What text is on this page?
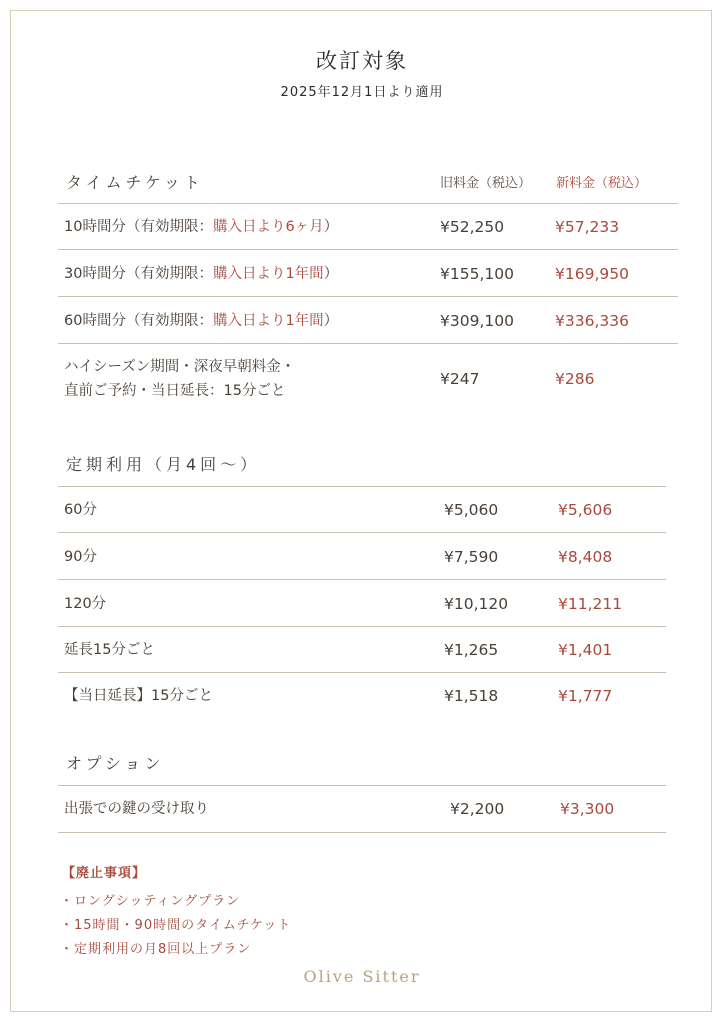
改訂対象
2025年12月1日より適用
タイムチケット	旧料金（税込） 新料金（税込）
10時間分（有効期限：購入日より6ヶ月）	¥52,250	¥57,233
30時間分（有効期限：購入日より1年間）	¥155,100	¥169,950
60時間分（有効期限：購入日より1年間）	¥309,100	¥336,336
ハイシーズン期間・深夜早朝料金・
直前ご予約・当日延長：15分ごと
¥247	¥286
定期利用（月4回〜）
60分	¥5,060	¥5,606
90分	¥7,590	¥8,408
120分	¥10,120	¥11,211
延長15分ごと	¥1,265	¥1,401
【当日延長】15分ごと	¥1,518	¥1,777
オプション
出張での鍵の受け取り	¥2,200	¥3,300
【廃止事項】
・ロングシッティングプラン
・15時間・90時間のタイムチケット
・定期利用の月8回以上プラン
Olive Sitter
